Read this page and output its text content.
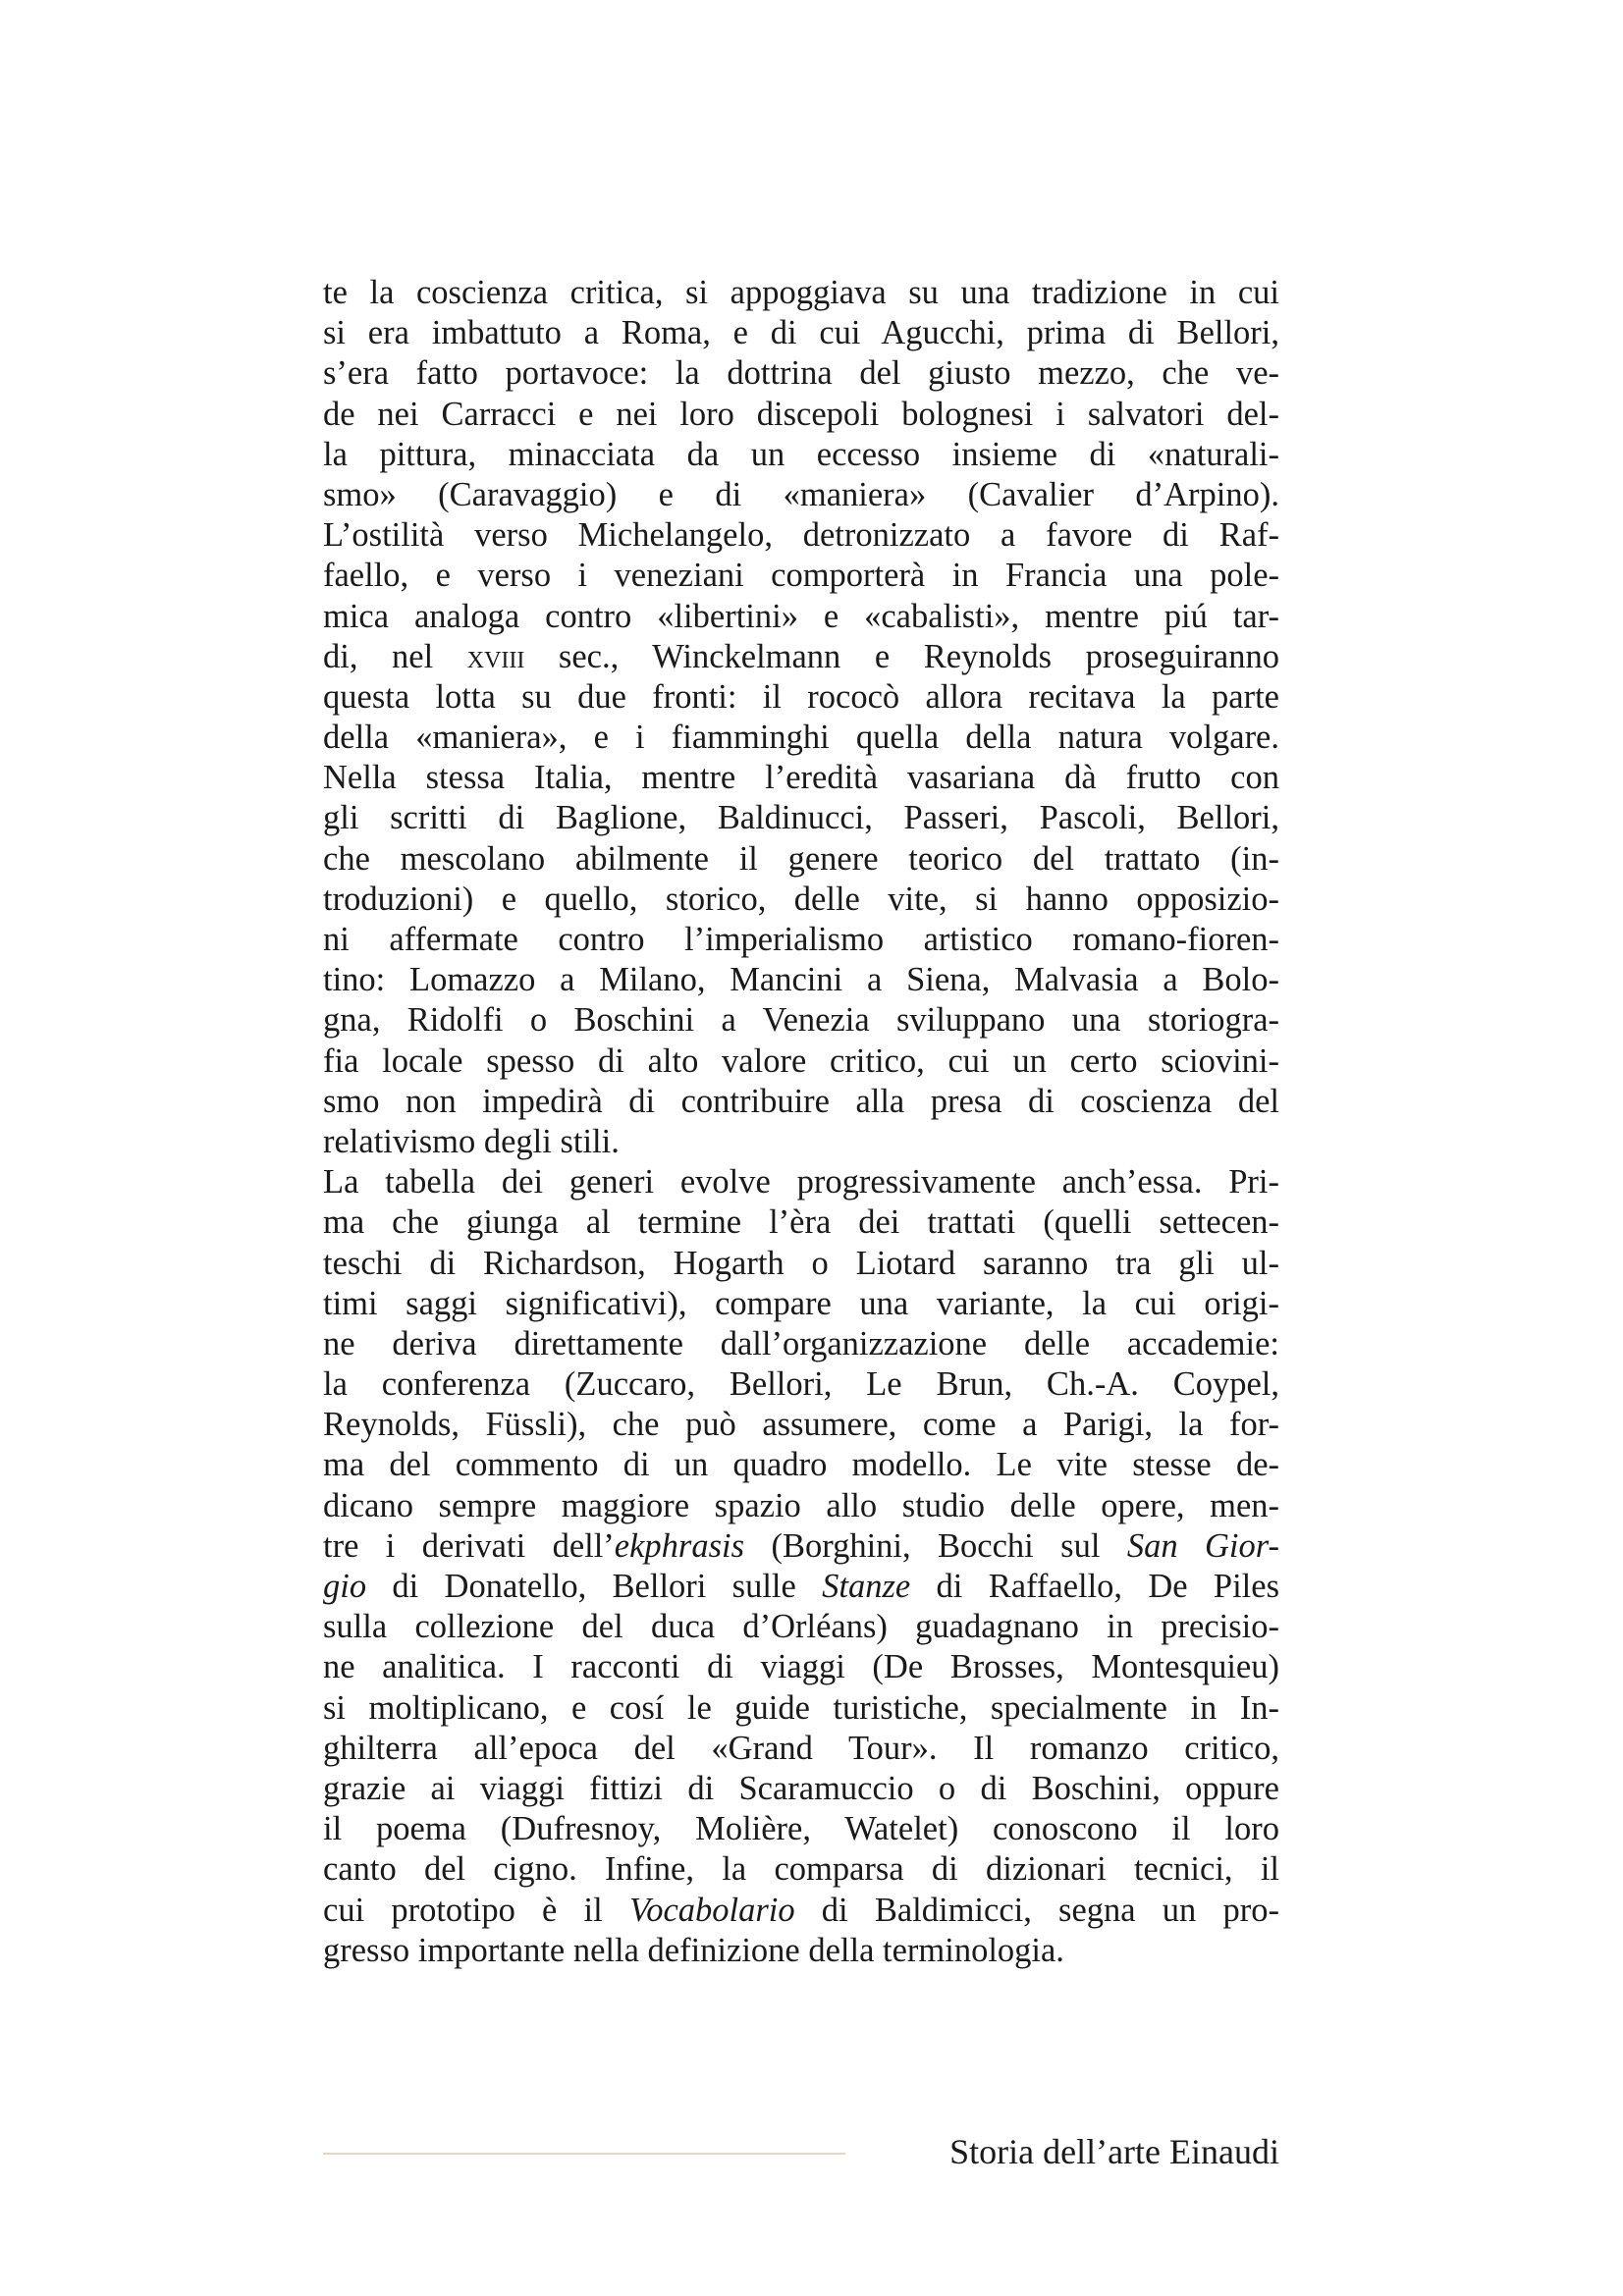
te la coscienza critica, si appoggiava su una tradizione in cui
si era imbattuto a Roma, e di cui Agucchi, prima di Bellori,
s’era fatto portavoce: la dottrina del giusto mezzo, che ve-
de nei Carracci e nei loro discepoli bolognesi i salvatori del-
la pittura, minacciata da un eccesso insieme di «naturali-
smo» (Caravaggio) e di «maniera» (Cavalier d’Arpino).
L’ostilità verso Michelangelo, detronizzato a favore di Raf-
faello, e verso i veneziani comporterà in Francia una pole-
mica analoga contro «libertini» e «cabalisti», mentre piú tar-
di, nel xviii sec., Winckelmann e Reynolds proseguiranno
questa lotta su due fronti: il rococò allora recitava la parte
della «maniera», e i fiamminghi quella della natura volgare.
Nella stessa Italia, mentre l’eredità vasariana dà frutto con
gli scritti di Baglione, Baldinucci, Passeri, Pascoli, Bellori,
che mescolano abilmente il genere teorico del trattato (in-
troduzioni) e quello, storico, delle vite, si hanno opposizio-
ni affermate contro l’imperialismo artistico romano-fioren-
tino: Lomazzo a Milano, Mancini a Siena, Malvasia a Bolo-
gna, Ridolfi o Boschini a Venezia sviluppano una storiogra-
fia locale spesso di alto valore critico, cui un certo sciovini-
smo non impedirà di contribuire alla presa di coscienza del
relativismo degli stili.
La tabella dei generi evolve progressivamente anch’essa. Pri-
ma che giunga al termine l’èra dei trattati (quelli settecen-
teschi di Richardson, Hogarth o Liotard saranno tra gli ul-
timi saggi significativi), compare una variante, la cui origi-
ne deriva direttamente dall’organizzazione delle accademie:
la conferenza (Zuccaro, Bellori, Le Brun, Ch.-A. Coypel,
Reynolds, Füssli), che può assumere, come a Parigi, la for-
ma del commento di un quadro modello. Le vite stesse de-
dicano sempre maggiore spazio allo studio delle opere, men-
tre i derivati dell’ekphrasis (Borghini, Bocchi sul San Gior-
gio di Donatello, Bellori sulle Stanze di Raffaello, De Piles
sulla collezione del duca d’Orléans) guadagnano in precisio-
ne analitica. I racconti di viaggi (De Brosses, Montesquieu)
si moltiplicano, e cosí le guide turistiche, specialmente in In-
ghilterra all’epoca del «Grand Tour». Il romanzo critico,
grazie ai viaggi fittizi di Scaramuccio o di Boschini, oppure
il poema (Dufresnoy, Molière, Watelet) conoscono il loro
canto del cigno. Infine, la comparsa di dizionari tecnici, il
cui prototipo è il Vocabolario di Baldimicci, segna un pro-
gresso importante nella definizione della terminologia.
Storia dell’arte Einaudi
